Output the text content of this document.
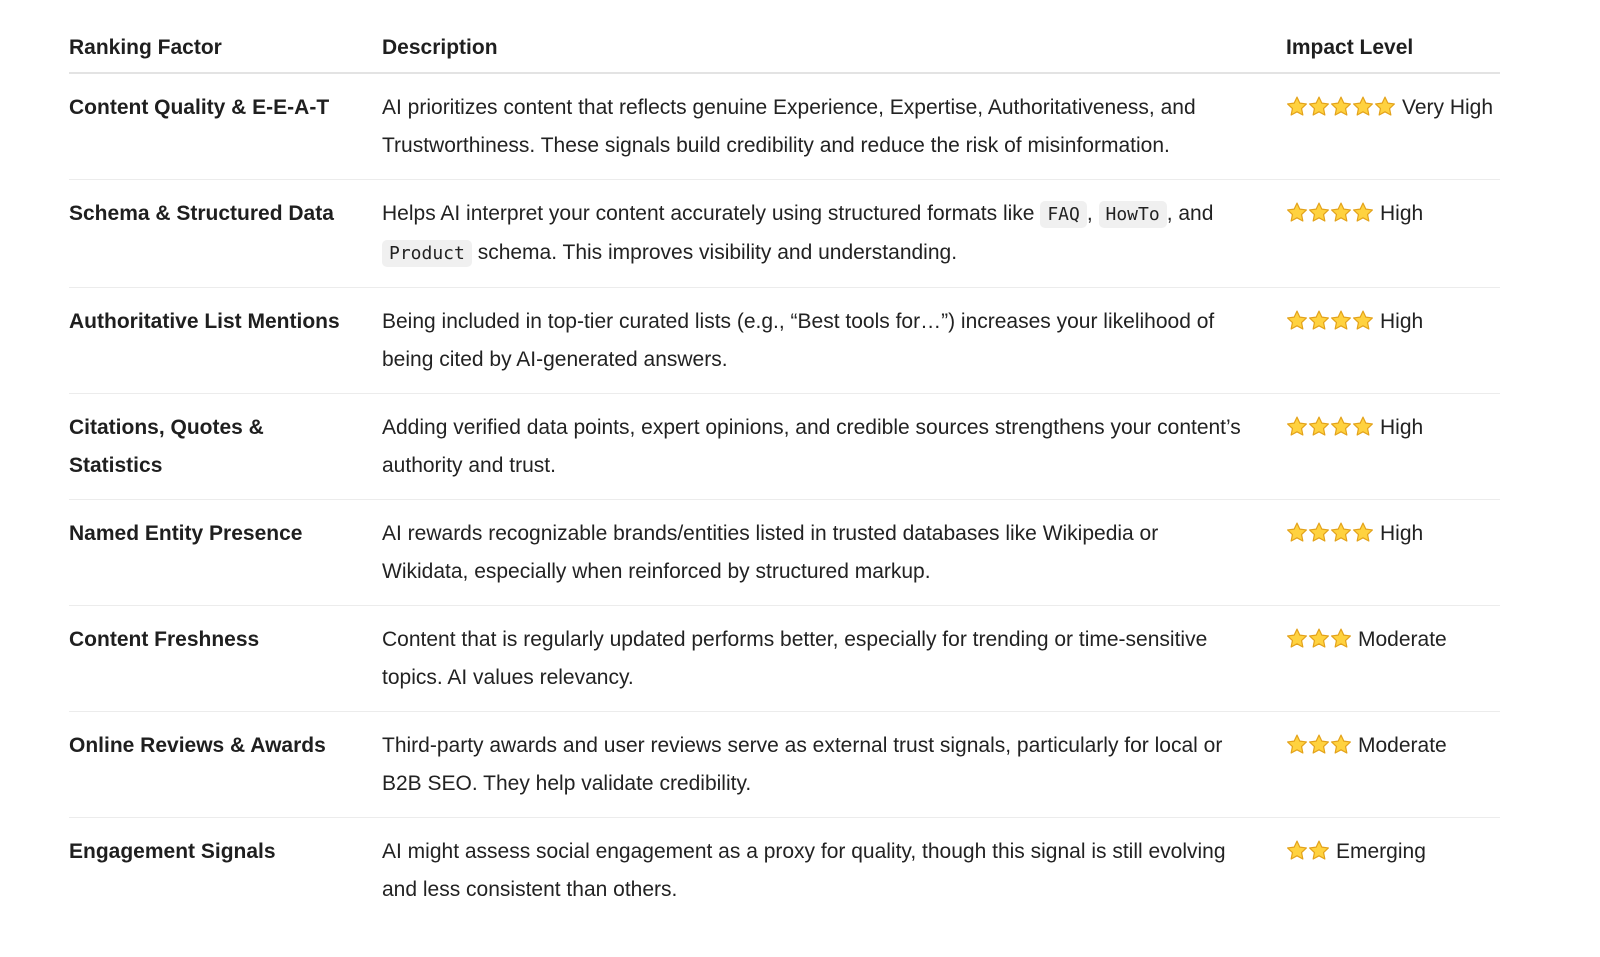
Ranking Factor	Description	Impact Level
Content Quality & E-E-A-T	AI prioritizes content that reflects genuine Experience, Expertise, Authoritativeness, and Trustworthiness. These signals build credibility and reduce the risk of misinformation.	Very High
Schema & Structured Data	Helps AI interpret your content accurately using structured formats like FAQ , HowTo , and Product schema. This improves visibility and understanding.	High
Authoritative List Mentions	Being included in top-tier curated lists (e.g., “Best tools for…”) increases your likelihood of being cited by AI-generated answers.	High
Citations, Quotes & Statistics	Adding verified data points, expert opinions, and credible sources strengthens your content’s authority and trust.	High
Named Entity Presence	AI rewards recognizable brands/entities listed in trusted databases like Wikipedia or Wikidata, especially when reinforced by structured markup.	High
Content Freshness	Content that is regularly updated performs better, especially for trending or time-sensitive topics. AI values relevancy.	Moderate
Online Reviews & Awards	Third-party awards and user reviews serve as external trust signals, particularly for local or B2B SEO. They help validate credibility.	Moderate
Engagement Signals	AI might assess social engagement as a proxy for quality, though this signal is still evolving and less consistent than others.	Emerging
